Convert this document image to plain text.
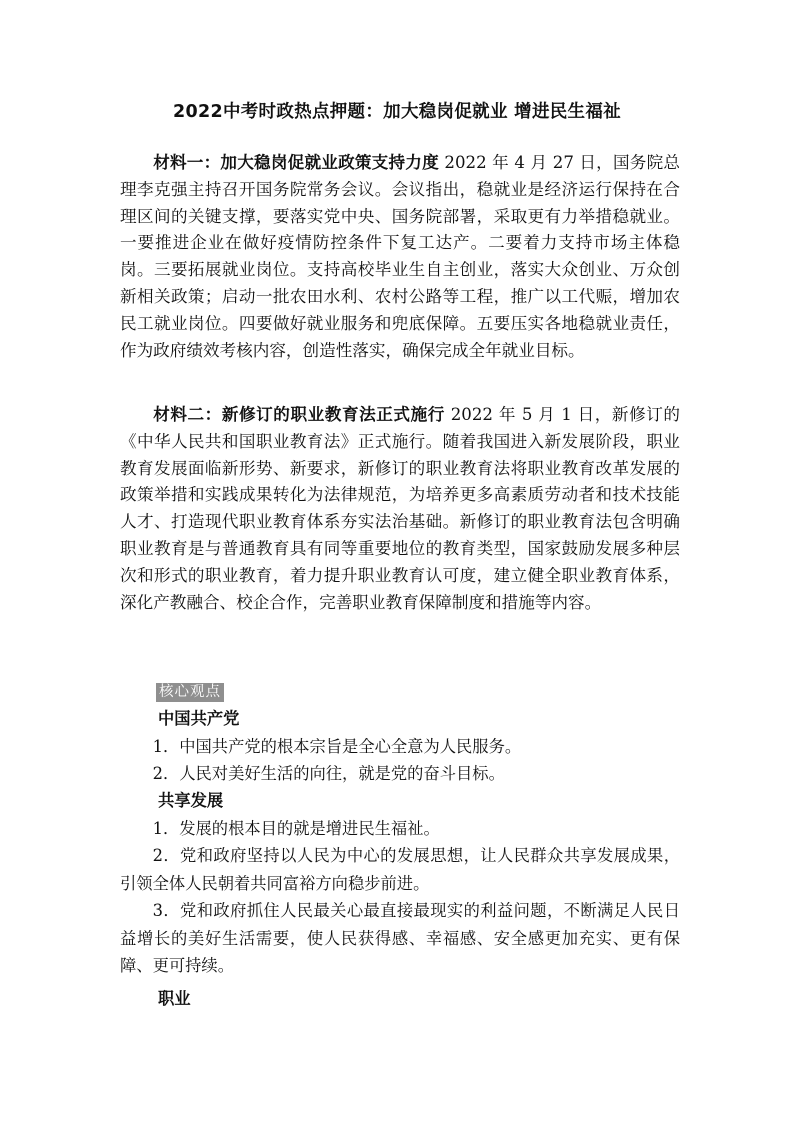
2022中考时政热点押题：加大稳岗促就业 增进民生福祉

材料一：加大稳岗促就业政策支持力度 2022 年 4 月 27 日，国务院总理李克强主持召开国务院常务会议。会议指出，稳就业是经济运行保持在合理区间的关键支撑，要落实党中央、国务院部署，采取更有力举措稳就业。一要推进企业在做好疫情防控条件下复工达产。二要着力支持市场主体稳岗。三要拓展就业岗位。支持高校毕业生自主创业，落实大众创业、万众创新相关政策；启动一批农田水利、农村公路等工程，推广以工代赈，增加农民工就业岗位。四要做好就业服务和兜底保障。五要压实各地稳就业责任，作为政府绩效考核内容，创造性落实，确保完成全年就业目标。

材料二：新修订的职业教育法正式施行 2022 年 5 月 1 日，新修订的《中华人民共和国职业教育法》正式施行。随着我国进入新发展阶段，职业教育发展面临新形势、新要求，新修订的职业教育法将职业教育改革发展的政策举措和实践成果转化为法律规范，为培养更多高素质劳动者和技术技能人才、打造现代职业教育体系夯实法治基础。新修订的职业教育法包含明确职业教育是与普通教育具有同等重要地位的教育类型，国家鼓励发展多种层次和形式的职业教育，着力提升职业教育认可度，建立健全职业教育体系，深化产教融合、校企合作，完善职业教育保障制度和措施等内容。

核心观点

中国共产党

1．中国共产党的根本宗旨是全心全意为人民服务。

2．人民对美好生活的向往，就是党的奋斗目标。

共享发展

1．发展的根本目的就是增进民生福祉。

2．党和政府坚持以人民为中心的发展思想，让人民群众共享发展成果，引领全体人民朝着共同富裕方向稳步前进。

3．党和政府抓住人民最关心最直接最现实的利益问题，不断满足人民日益增长的美好生活需要，使人民获得感、幸福感、安全感更加充实、更有保障、更可持续。

职业
